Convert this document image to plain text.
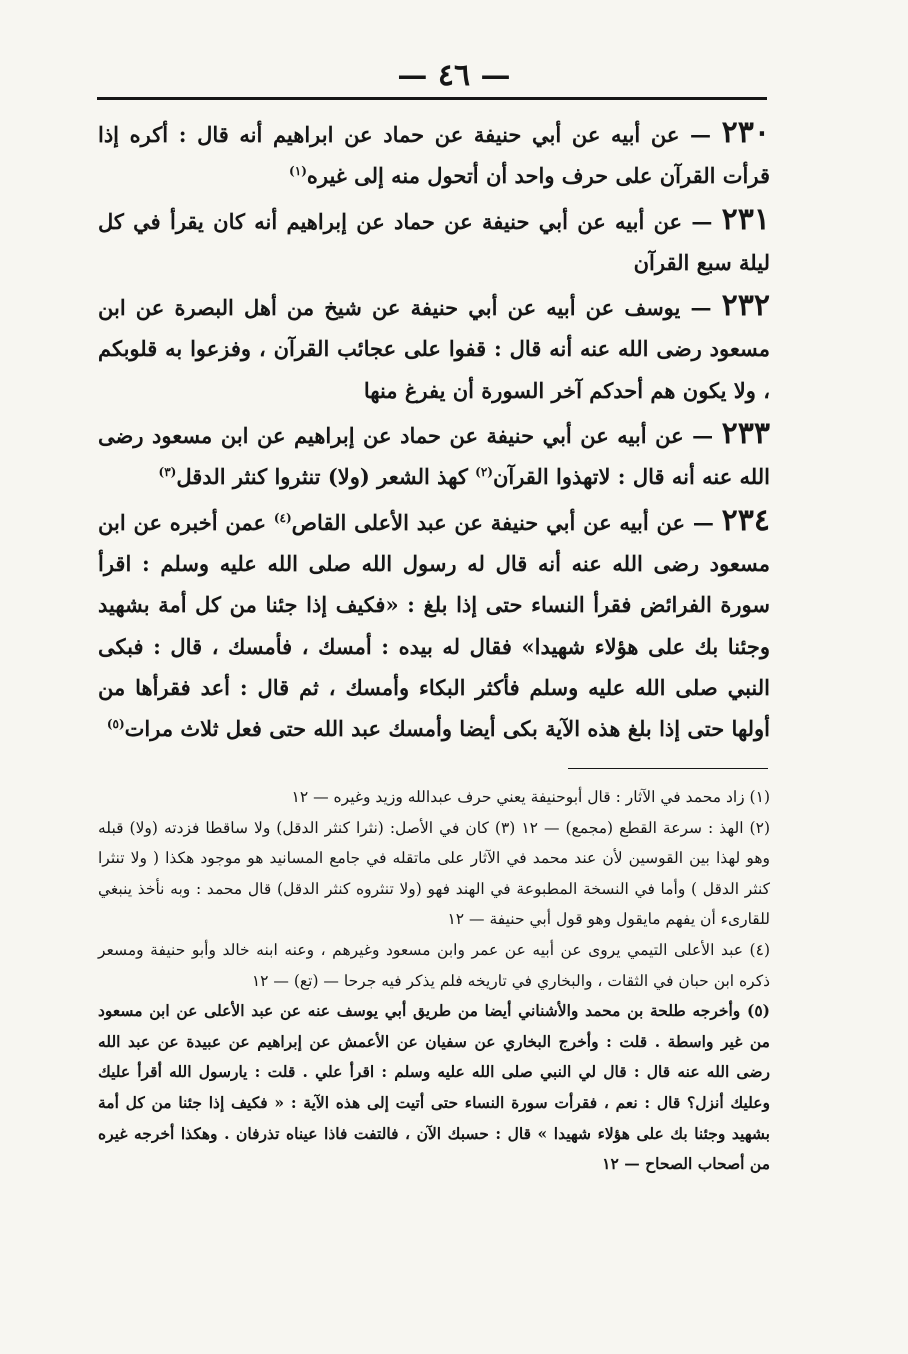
— ٤٦ —

٢٣٠ — عن أبيه عن أبي حنيفة عن حماد عن ابراهيم أنه قال : أكره إذا قرأت القرآن على حرف واحد أن أتحول منه إلى غيره$^{(١)}$

٢٣١ — عن أبيه عن أبي حنيفة عن حماد عن إبراهيم أنه كان يقرأ في كل ليلة سبع القرآن

٢٣٢ — يوسف عن أبيه عن أبي حنيفة عن شيخ من أهل البصرة عن ابن مسعود رضى الله عنه أنه قال : قفوا على عجائب القرآن ، وفزعوا به قلوبكم ، ولا يكون هم أحدكم آخر السورة أن يفرغ منها

٢٣٣ — عن أبيه عن أبي حنيفة عن حماد عن إبراهيم عن ابن مسعود رضى الله عنه أنه قال : لاتهذوا القرآن$^{(٢)}$ كهذ الشعر (ولا) تنثروا كنثر الدقل$^{(٣)}$

٢٣٤ — عن أبيه عن أبي حنيفة عن عبد الأعلى القاص$^{(٤)}$ عمن أخبره عن ابن مسعود رضى الله عنه أنه قال له رسول الله صلى الله عليه وسلم : اقرأ سورة الفرائض فقرأ النساء حتى إذا بلغ : «فكيف إذا جئنا من كل أمة بشهيد وجئنا بك على هؤلاء شهيدا» فقال له بيده : أمسك ، فأمسك ، قال : فبكى النبي صلى الله عليه وسلم فأكثر البكاء وأمسك ، ثم قال : أعد فقرأها من أولها حتى إذا بلغ هذه الآية بكى أيضا وأمسك عبد الله حتى فعل ثلاث مرات$^{(٥)}$

(١) زاد محمد في الآثار : قال أبوحنيفة يعني حرف عبدالله وزيد وغيره — ١٢

(٢) الهذ : سرعة القطع (مجمع) — ١٢ (٣) كان في الأصل: (نثرا كنثر الدقل) ولا ساقطا فزدته (ولا) قبله وهو لهذا بين القوسين لأن عند محمد في الآثار على ماتقله في جامع المسانيد هو موجود هكذا ( ولا تنثرا كنثر الدقل ) وأما في النسخة المطبوعة في الهند فهو (ولا تنثروه كنثر الدقل) قال محمد : وبه نأخذ ينبغي للقارىء أن يفهم مايقول وهو قول أبي حنيفة — ١٢

(٤) عبد الأعلى التيمي يروى عن أبيه عن عمر وابن مسعود وغيرهم ، وعنه ابنه خالد وأبو حنيفة ومسعر ذكره ابن حبان في الثقات ، والبخاري في تاريخه فلم يذكر فيه جرحا — (تع) — ١٢

(٥) وأخرجه طلحة بن محمد والأشناني أيضا من طريق أبي يوسف عنه عن عبد الأعلى عن ابن مسعود من غير واسطة . قلت : وأخرج البخاري عن سفيان عن الأعمش عن إبراهيم عن عبيدة عن عبد الله رضى الله عنه قال : قال لي النبي صلى الله عليه وسلم : اقرأ علي . قلت : يارسول الله أقرأ عليك وعليك أنزل؟ قال : نعم ، فقرأت سورة النساء حتى أتيت إلى هذه الآية : « فكيف إذا جئنا من كل أمة بشهيد وجئنا بك على هؤلاء شهيدا » قال : حسبك الآن ، فالتفت فاذا عيناه تذرفان . وهكذا أخرجه غيره من أصحاب الصحاح — ١٢
